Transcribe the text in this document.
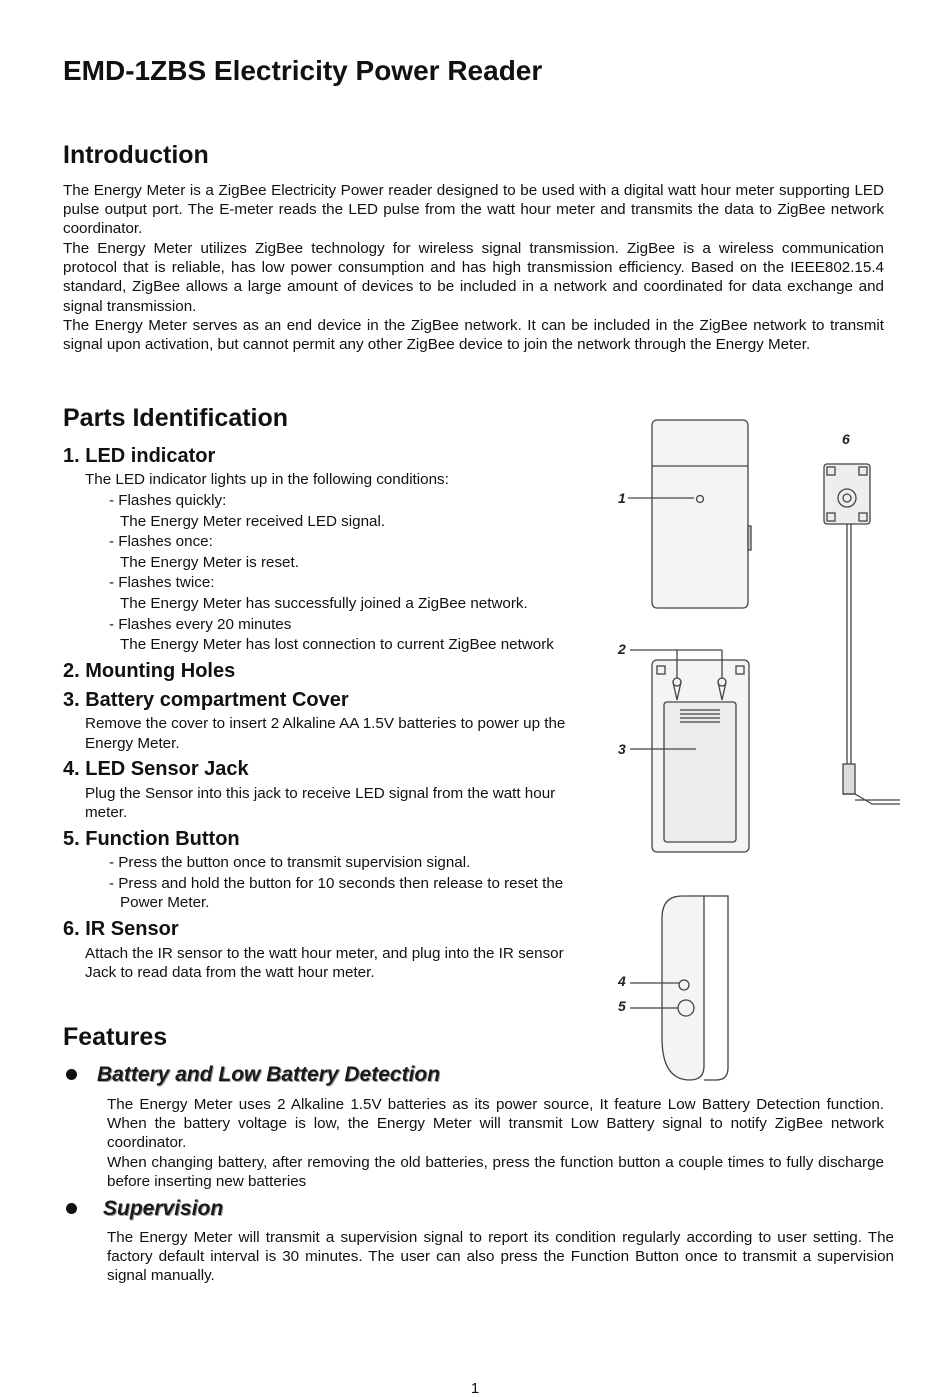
EMD-1ZBS Electricity Power Reader
Introduction

The Energy Meter is a ZigBee Electricity Power reader designed to be used with a digital watt hour meter supporting LED pulse output port. The E-meter reads the LED pulse from the watt hour meter and transmits the data to ZigBee network coordinator.

The Energy Meter utilizes ZigBee technology for wireless signal transmission. ZigBee is a wireless communication protocol that is reliable, has low power consumption and has high transmission efficiency. Based on the IEEE802.15.4 standard, ZigBee allows a large amount of devices to be included in a network and coordinated for data exchange and signal transmission.

The Energy Meter serves as an end device in the ZigBee network. It can be included in the ZigBee network to transmit signal upon activation, but cannot permit any other ZigBee device to join the network through the Energy Meter.

Parts Identification
1. LED indicator
The LED indicator lights up in the following conditions:
- Flashes quickly:
The Energy Meter received LED signal.
- Flashes once:
The Energy Meter is reset.
- Flashes twice:
The Energy Meter has successfully joined a ZigBee network.
- Flashes every 20 minutes
The Energy Meter has lost connection to current ZigBee network
2. Mounting Holes
3. Battery compartment Cover
Remove the cover to insert 2 Alkaline AA 1.5V batteries to power up the
Energy Meter.
4. LED Sensor Jack
Plug the Sensor into this jack to receive LED signal from the watt hour
meter.
5. Function Button
- Press the button once to transmit supervision signal.
- Press and hold the button for 10 seconds then release to reset the
Power Meter.
6. IR Sensor
Attach the IR sensor to the watt hour meter, and plug into the IR sensor
Jack to read data from the watt hour meter.
1
2
3
4
5
6
Features
Battery and Low Battery Detection

The Energy Meter uses 2 Alkaline 1.5V batteries as its power source, It feature Low Battery Detection function. When the battery voltage is low, the Energy Meter will transmit Low Battery signal to notify ZigBee network coordinator.

When changing battery, after removing the old batteries, press the function button a couple times to fully discharge before inserting new batteries

Supervision

The Energy Meter will transmit a supervision signal to report its condition regularly according to user setting. The factory default interval is 30 minutes. The user can also press the Function Button once to transmit a supervision signal manually.

1
